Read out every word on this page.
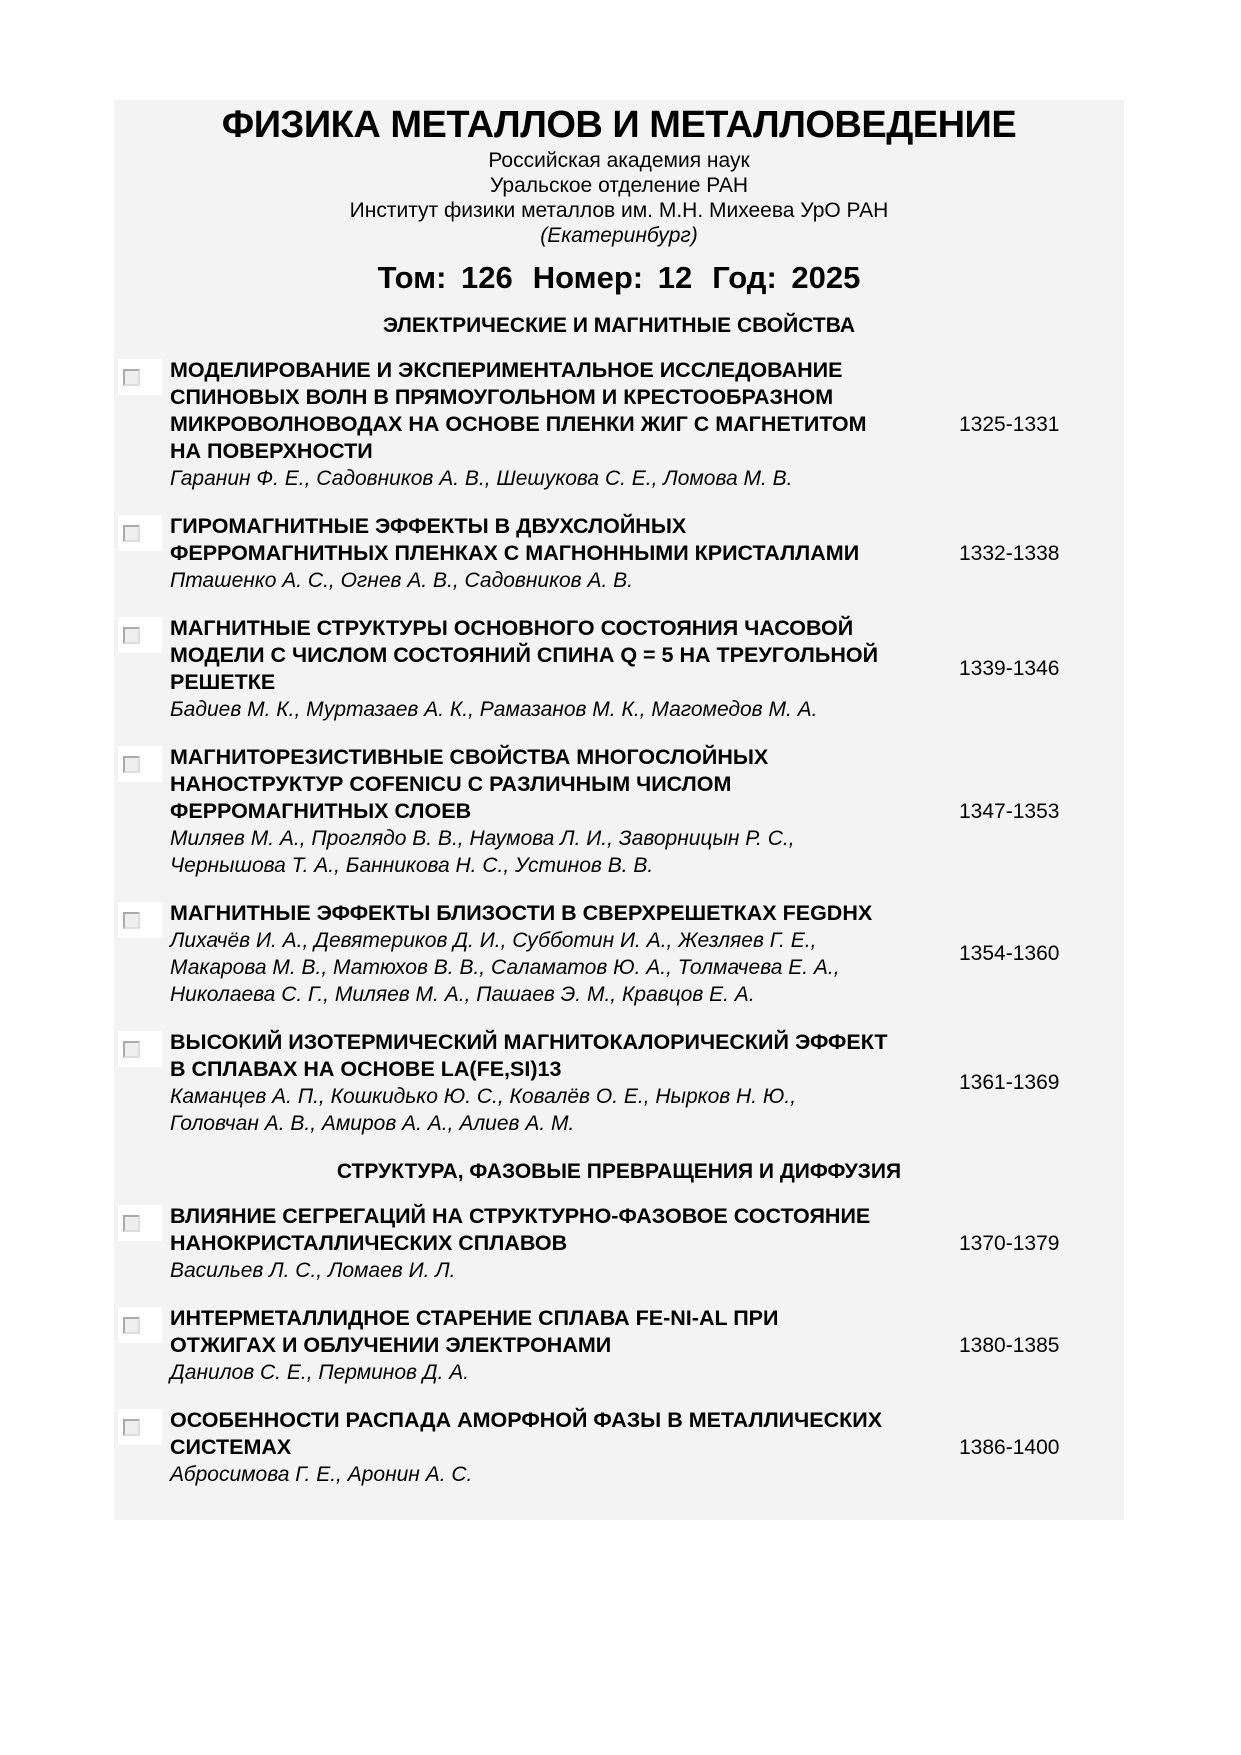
ФИЗИКА МЕТАЛЛОВ И МЕТАЛЛОВЕДЕНИЕ
Российская академия наук
Уральское отделение РАН
Институт физики металлов им. М.Н. Михеева УрО РАН
(Екатеринбург)
Том: 126 Номер: 12 Год: 2025
ЭЛЕКТРИЧЕСКИЕ И МАГНИТНЫЕ СВОЙСТВА
МОДЕЛИРОВАНИЕ И ЭКСПЕРИМЕНТАЛЬНОЕ ИССЛЕДОВАНИЕ СПИНОВЫХ ВОЛН В ПРЯМОУГОЛЬНОМ И КРЕСТООБРАЗНОМ МИКРОВОЛНОВОДАХ НА ОСНОВЕ ПЛЕНКИ ЖИГ С МАГНЕТИТОМ НА ПОВЕРХНОСТИ
Гаранин Ф. Е., Садовников А. В., Шешукова С. Е., Ломова М. В.
1325-1331
ГИРОМАГНИТНЫЕ ЭФФЕКТЫ В ДВУХСЛОЙНЫХ ФЕРРОМАГНИТНЫХ ПЛЕНКАХ С МАГНОННЫМИ КРИСТАЛЛАМИ
Пташенко А. С., Огнев А. В., Садовников А. В.
1332-1338
МАГНИТНЫЕ СТРУКТУРЫ ОСНОВНОГО СОСТОЯНИЯ ЧАСОВОЙ МОДЕЛИ С ЧИСЛОМ СОСТОЯНИЙ СПИНА Q = 5 НА ТРЕУГОЛЬНОЙ РЕШЕТКЕ
Бадиев М. К., Муртазаев А. К., Рамазанов М. К., Магомедов М. А.
1339-1346
МАГНИТОРЕЗИСТИВНЫЕ СВОЙСТВА МНОГОСЛОЙНЫХ НАНОСТРУКТУР COFENICU С РАЗЛИЧНЫМ ЧИСЛОМ ФЕРРОМАГНИТНЫХ СЛОЕВ
Миляев М. А., Проглядо В. В., Наумова Л. И., Заворницын Р. С., Чернышова Т. А., Банникова Н. С., Устинов В. В.
1347-1353
МАГНИТНЫЕ ЭФФЕКТЫ БЛИЗОСТИ В СВЕРХРЕШЕТКАХ FEGDHX
Лихачёв И. А., Девятериков Д. И., Субботин И. А., Жезляев Г. Е., Макарова М. В., Матюхов В. В., Саламатов Ю. А., Толмачева Е. А., Николаева С. Г., Миляев М. А., Пашаев Э. М., Кравцов Е. А.
1354-1360
ВЫСОКИЙ ИЗОТЕРМИЧЕСКИЙ МАГНИТОКАЛОРИЧЕСКИЙ ЭФФЕКТ В СПЛАВАХ НА ОСНОВЕ LA(FE,SI)13
Каманцев А. П., Кошкидько Ю. С., Ковалёв О. Е., Нырков Н. Ю., Головчан А. В., Амиров А. А., Алиев А. М.
1361-1369
СТРУКТУРА, ФАЗОВЫЕ ПРЕВРАЩЕНИЯ И ДИФФУЗИЯ
ВЛИЯНИЕ СЕГРЕГАЦИЙ НА СТРУКТУРНО-ФАЗОВОЕ СОСТОЯНИЕ НАНОКРИСТАЛЛИЧЕСКИХ СПЛАВОВ
Васильев Л. С., Ломаев И. Л.
1370-1379
ИНТЕРМЕТАЛЛИДНОЕ СТАРЕНИЕ СПЛАВА FE-NI-AL ПРИ ОТЖИГАХ И ОБЛУЧЕНИИ ЭЛЕКТРОНАМИ
Данилов С. Е., Перминов Д. А.
1380-1385
ОСОБЕННОСТИ РАСПАДА АМОРФНОЙ ФАЗЫ В МЕТАЛЛИЧЕСКИХ СИСТЕМАХ
Абросимова Г. Е., Аронин А. С.
1386-1400
